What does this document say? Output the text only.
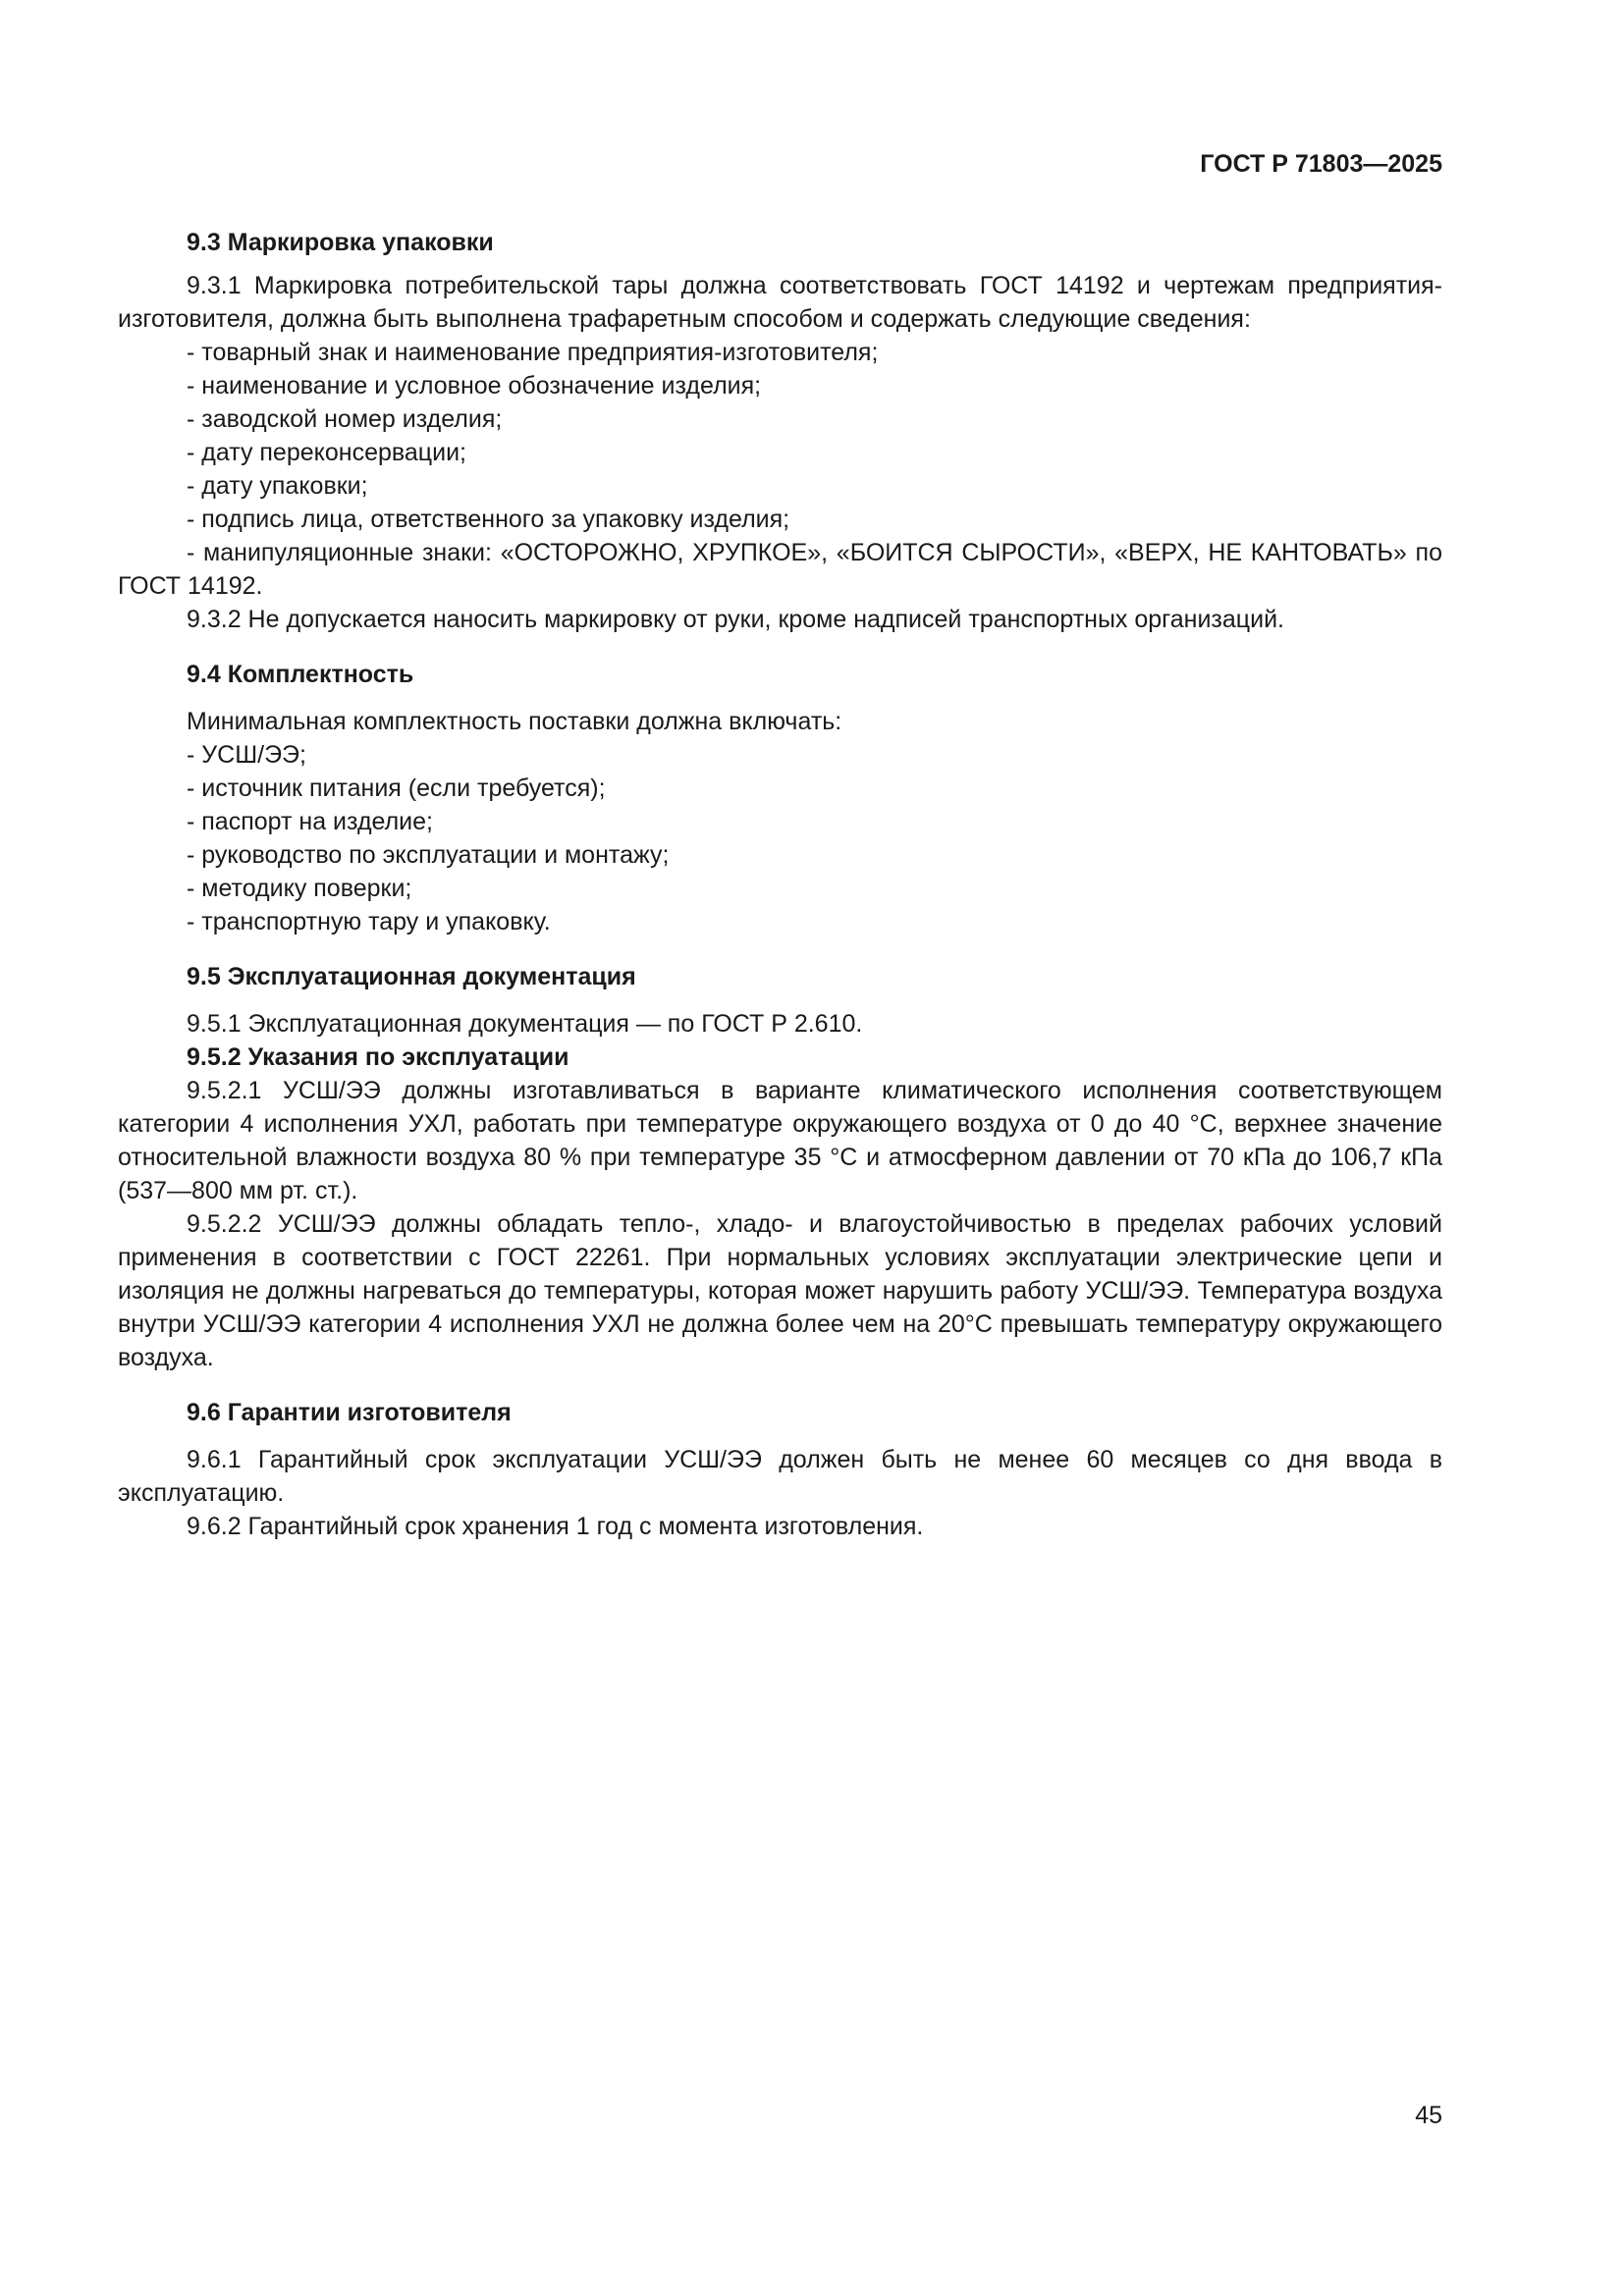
ГОСТ Р 71803—2025
9.3 Маркировка упаковки

9.3.1 Маркировка потребительской тары должна соответствовать ГОСТ 14192 и чертежам предприятия-изготовителя, должна быть выполнена трафаретным способом и содержать следующие сведения:

- товарный знак и наименование предприятия-изготовителя;

- наименование и условное обозначение изделия;

- заводской номер изделия;

- дату переконсервации;

- дату упаковки;

- подпись лица, ответственного за упаковку изделия;

- манипуляционные знаки: «ОСТОРОЖНО, ХРУПКОЕ», «БОИТСЯ СЫРОСТИ», «ВЕРХ, НЕ КАНТОВАТЬ» по ГОСТ 14192.

9.3.2 Не допускается наносить маркировку от руки, кроме надписей транспортных организаций.

9.4 Комплектность

Минимальная комплектность поставки должна включать:

- УСШ/ЭЭ;

- источник питания (если требуется);

- паспорт на изделие;

- руководство по эксплуатации и монтажу;

- методику поверки;

- транспортную тару и упаковку.

9.5 Эксплуатационная документация

9.5.1 Эксплуатационная документация — по ГОСТ Р 2.610.

9.5.2 Указания по эксплуатации

9.5.2.1 УСШ/ЭЭ должны изготавливаться в варианте климатического исполнения соответствующем категории 4 исполнения УХЛ, работать при температуре окружающего воздуха от 0 до 40 °С, верхнее значение относительной влажности воздуха 80 % при температуре 35 °С и атмосферном давлении от 70 кПа до 106,7 кПа (537—800 мм рт. ст.).

9.5.2.2 УСШ/ЭЭ должны обладать тепло-, хладо- и влагоустойчивостью в пределах рабочих условий применения в соответствии с ГОСТ 22261. При нормальных условиях эксплуатации электрические цепи и изоляция не должны нагреваться до температуры, которая может нарушить работу УСШ/ЭЭ. Температура воздуха внутри УСШ/ЭЭ категории 4 исполнения УХЛ не должна более чем на 20°С превышать температуру окружающего воздуха.

9.6 Гарантии изготовителя

9.6.1 Гарантийный срок эксплуатации УСШ/ЭЭ должен быть не менее 60 месяцев со дня ввода в эксплуатацию.

9.6.2 Гарантийный срок хранения 1 год с момента изготовления.

45
